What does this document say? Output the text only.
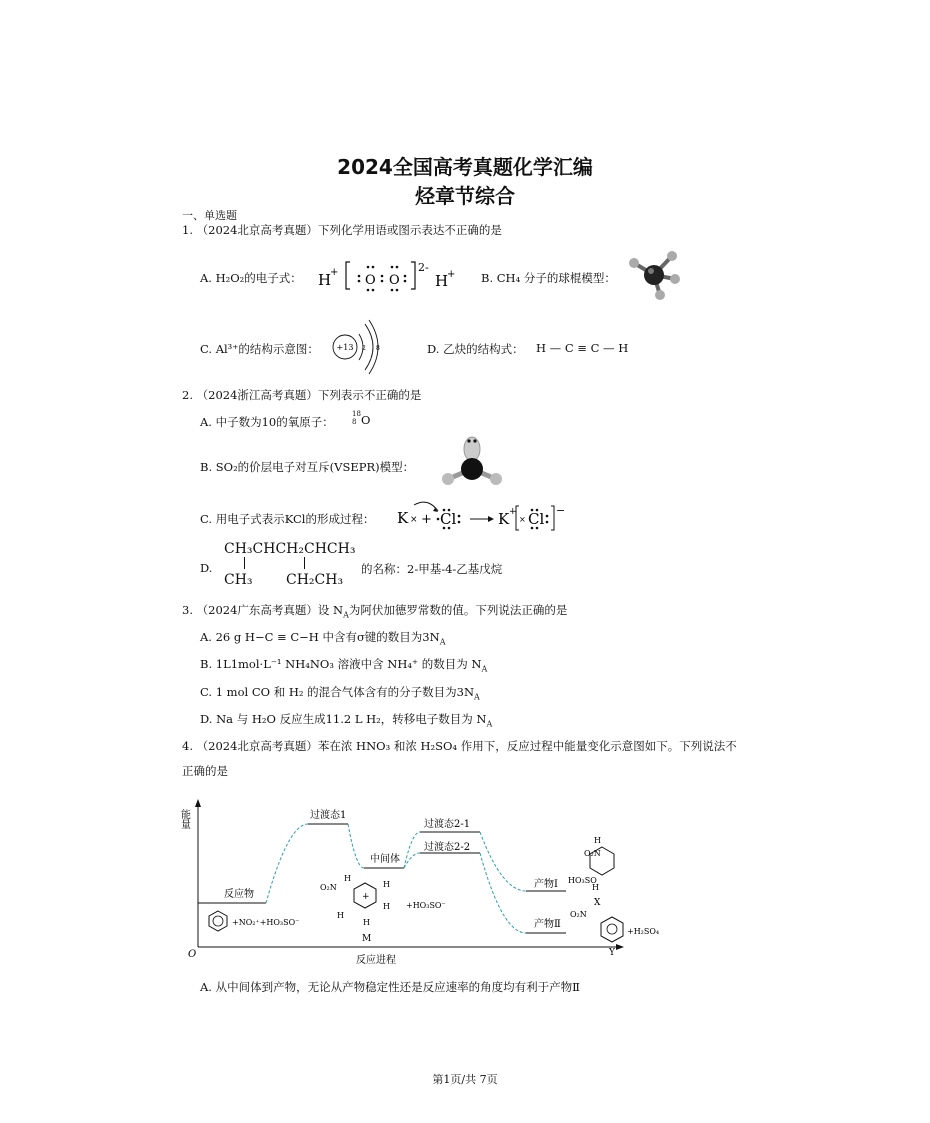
2024全国高考真题化学汇编
烃章节综合
一、单选题
1. （2024北京高考真题）下列化学用语或图示表达不正确的是
A. H₂O₂的电子式： H
+
O O
2-
H
+ B. CH₄ 分子的球棍模型：
C. Al³⁺的结构示意图： +13 2 8	D. 乙炔的结构式： H — C ≡ C — H
2. （2024浙江高考真题）下列表示不正确的是
A. 中子数为10的氧原子：
18
8 O
B. SO₂的价层电子对互斥(VSEPR)模型：
C. 用电子式表示KCl的形成过程： K × + Cl	K +
× Cl −
D.
CH₃CHCH₂CHCH₃
CH₃ CH₂CH₃
的名称：2-甲基-4-乙基戊烷
3. （2024广东高考真题）设 $N_A$为阿伏加德罗常数的值。下列说法正确的是
A. 26 g H−C ≡ C−H 中含有σ键的数目为$3N_A$
B. 1L1mol·L⁻¹ NH₄NO₃ 溶液中含 NH₄⁺ 的数目为 $N_A$
C. 1 mol CO 和 H₂ 的混合气体含有的分子数目为$3N_A$
D. Na 与 H₂O 反应生成11.2 L H₂，转移电子数目为 $N_A$
4. （2024北京高考真题）苯在浓 HNO₃ 和浓 H₂SO₄ 作用下，反应过程中能量变化示意图如下。下列说法不
正确的是
能量
O
反应进程
反应物
过渡态1
中间体
过渡态2-1
过渡态2-2
产物Ⅰ
产物Ⅱ
+NO₂⁺+HO₃SO⁻
+
O₂N
H
H
H
H
H
M
+HO₃SO⁻
H
O₂N
HO₃SO
H
X
O₂N
+H₂SO₄
Y
A. 从中间体到产物，无论从产物稳定性还是反应速率的角度均有利于产物Ⅱ
第1页/共 7页
